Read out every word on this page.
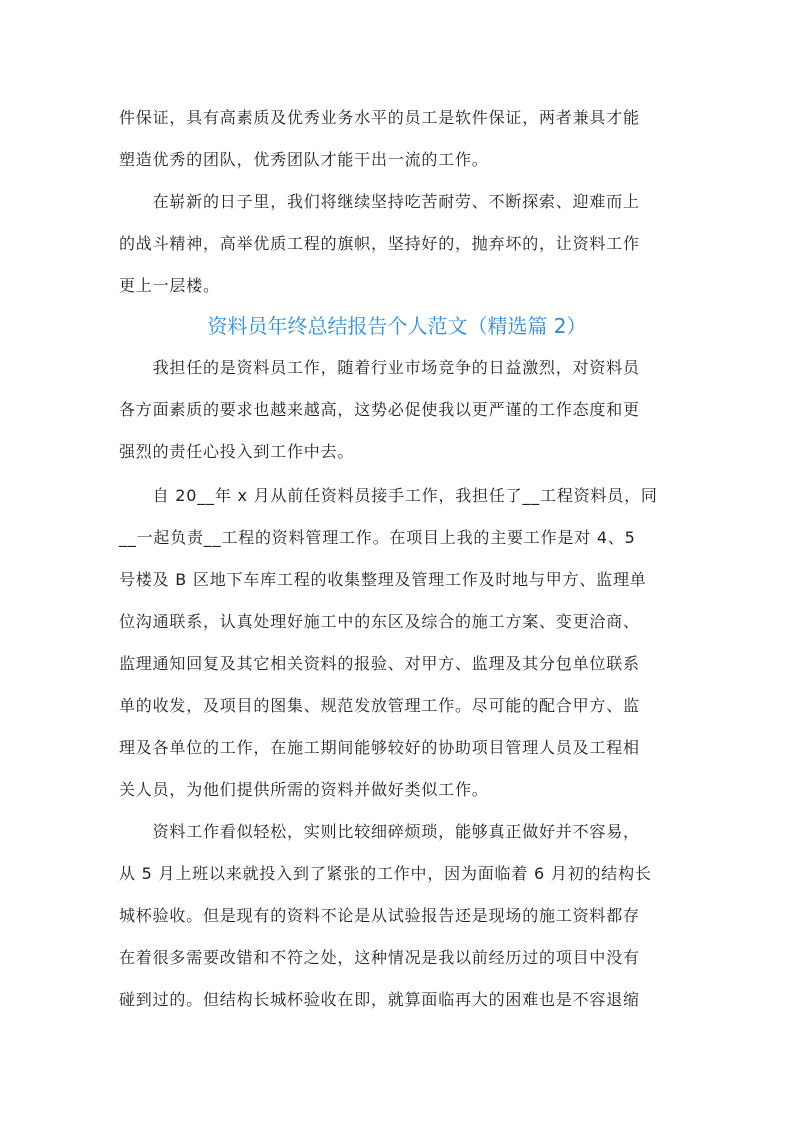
件保证，具有高素质及优秀业务水平的员工是软件保证，两者兼具才能
塑造优秀的团队，优秀团队才能干出一流的工作。
　　在崭新的日子里，我们将继续坚持吃苦耐劳、不断探索、迎难而上
的战斗精神，高举优质工程的旗帜，坚持好的，抛弃坏的，让资料工作
更上一层楼。
资料员年终总结报告个人范文（精选篇 2）
　　我担任的是资料员工作，随着行业市场竞争的日益激烈，对资料员
各方面素质的要求也越来越高，这势必促使我以更严谨的工作态度和更
强烈的责任心投入到工作中去。
　　自 20__年 x 月从前任资料员接手工作，我担任了__工程资料员，同
__一起负责__工程的资料管理工作。在项目上我的主要工作是对 4、5
号楼及 B 区地下车库工程的收集整理及管理工作及时地与甲方、监理单
位沟通联系，认真处理好施工中的东区及综合的施工方案、变更洽商、
监理通知回复及其它相关资料的报验、对甲方、监理及其分包单位联系
单的收发，及项目的图集、规范发放管理工作。尽可能的配合甲方、监
理及各单位的工作，在施工期间能够较好的协助项目管理人员及工程相
关人员，为他们提供所需的资料并做好类似工作。
　　资料工作看似轻松，实则比较细碎烦琐，能够真正做好并不容易，
从 5 月上班以来就投入到了紧张的工作中，因为面临着 6 月初的结构长
城杯验收。但是现有的资料不论是从试验报告还是现场的施工资料都存
在着很多需要改错和不符之处，这种情况是我以前经历过的项目中没有
碰到过的。但结构长城杯验收在即，就算面临再大的困难也是不容退缩
